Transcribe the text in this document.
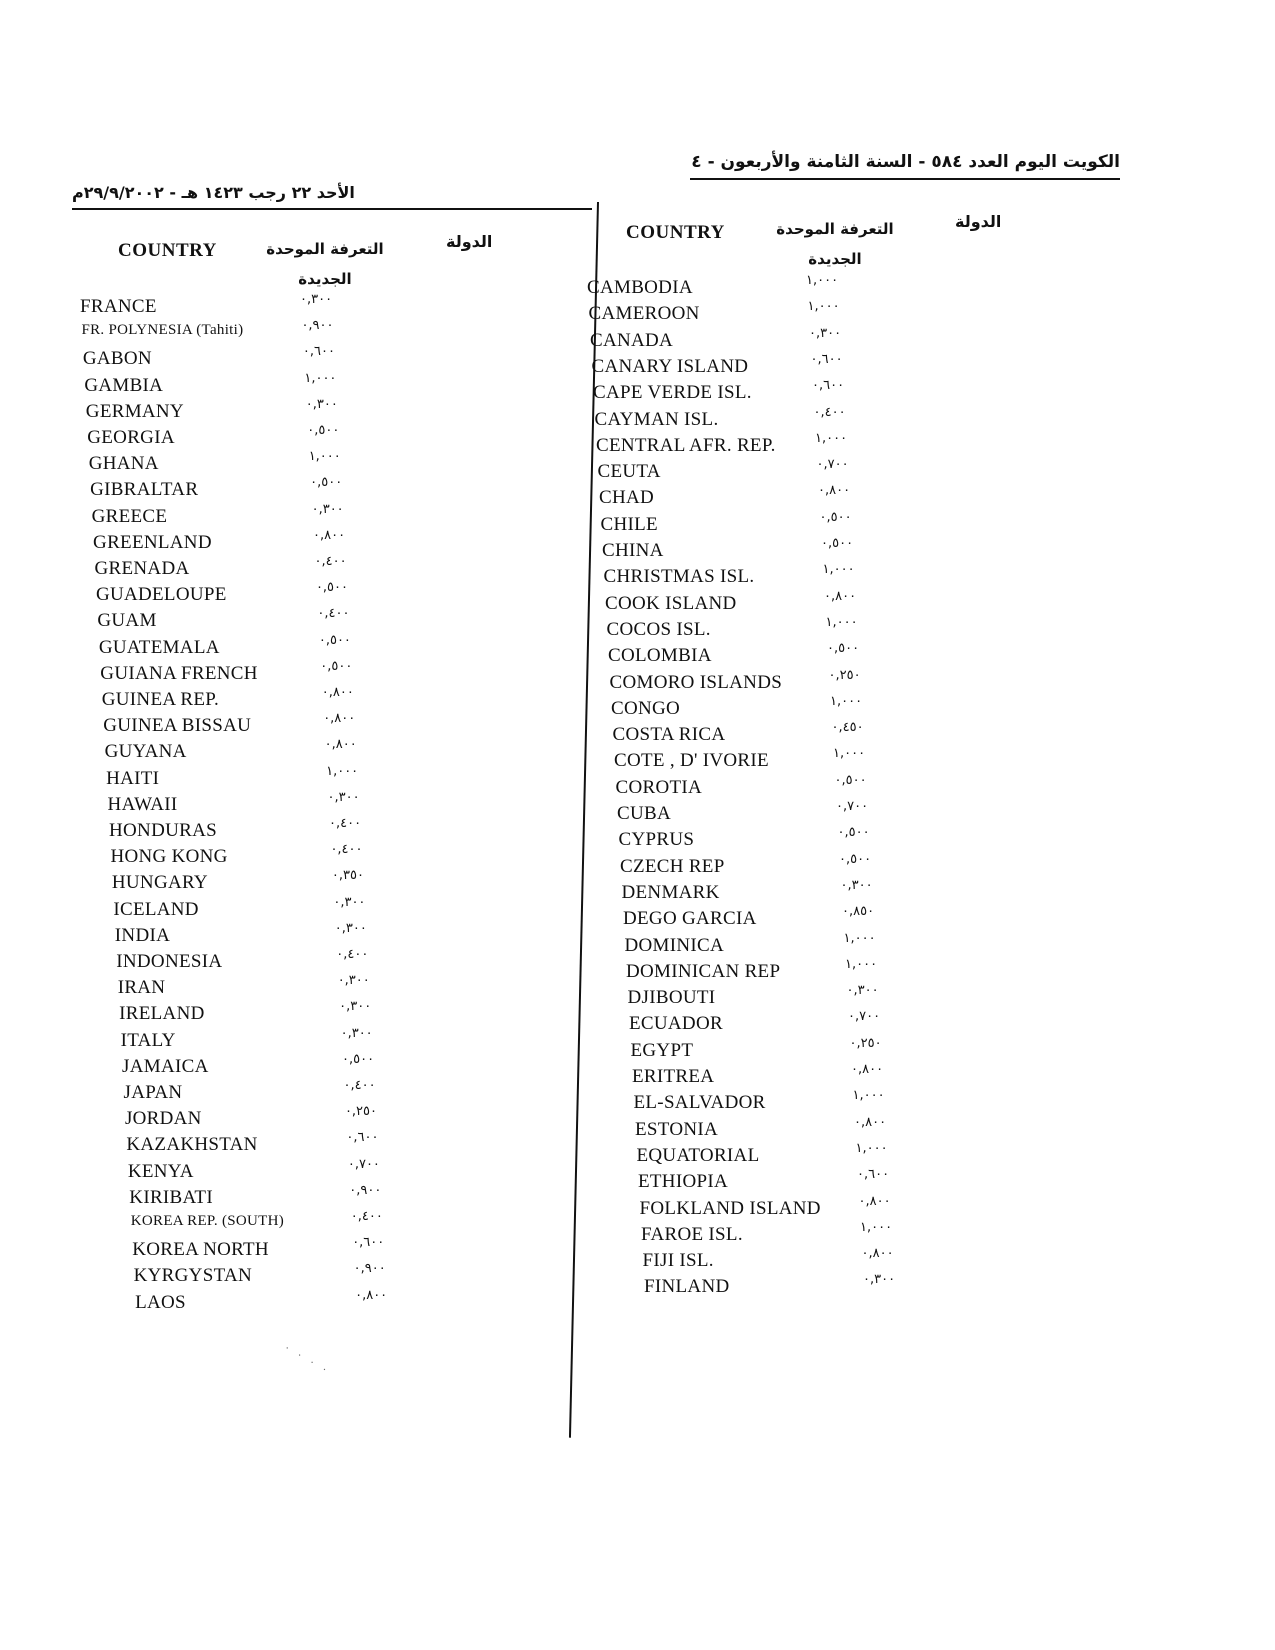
الكويت اليوم العدد ٥٨٤ - السنة الثامنة والأربعون - ٤
الأحد ٢٢ رجب ١٤٢٣ هـ - ٢٩/٩/٢٠٠٢م
COUNTRY	التعرفة الموحدة الجديدة
الدولة	COUNTRY	التعرفة الموحدة الجديدة
الدولة
FRANCE	٠,٣٠٠
FR. POLYNESIA (Tahiti)	٠,٩٠٠
GABON	٠,٦٠٠
GAMBIA	١,٠٠٠
GERMANY	٠,٣٠٠
GEORGIA	٠,٥٠٠
GHANA	١,٠٠٠
GIBRALTAR	٠,٥٠٠
GREECE	٠,٣٠٠
GREENLAND	٠,٨٠٠
GRENADA	٠,٤٠٠
GUADELOUPE	٠,٥٠٠
GUAM	٠,٤٠٠
GUATEMALA	٠,٥٠٠
GUIANA FRENCH	٠,٥٠٠
GUINEA REP.	٠,٨٠٠
GUINEA BISSAU	٠,٨٠٠
GUYANA	٠,٨٠٠
HAITI	١,٠٠٠
HAWAII	٠,٣٠٠
HONDURAS	٠,٤٠٠
HONG KONG	٠,٤٠٠
HUNGARY	٠,٣٥٠
ICELAND	٠,٣٠٠
INDIA	٠,٣٠٠
INDONESIA	٠,٤٠٠
IRAN	٠,٣٠٠
IRELAND	٠,٣٠٠
ITALY	٠,٣٠٠
JAMAICA	٠,٥٠٠
JAPAN	٠,٤٠٠
JORDAN	٠,٢٥٠
KAZAKHSTAN	٠,٦٠٠
KENYA	٠,٧٠٠
KIRIBATI	٠,٩٠٠
KOREA REP. (SOUTH)	٠,٤٠٠
KOREA NORTH	٠,٦٠٠
KYRGYSTAN	٠,٩٠٠
LAOS	٠,٨٠٠
CAMBODIA	١,٠٠٠
CAMEROON	١,٠٠٠
CANADA	٠,٣٠٠
CANARY ISLAND	٠,٦٠٠
CAPE VERDE ISL.	٠,٦٠٠
CAYMAN ISL.	٠,٤٠٠
CENTRAL AFR. REP.	١,٠٠٠
CEUTA	٠,٧٠٠
CHAD	٠,٨٠٠
CHILE	٠,٥٠٠
CHINA	٠,٥٠٠
CHRISTMAS ISL.	١,٠٠٠
COOK ISLAND	٠,٨٠٠
COCOS ISL.	١,٠٠٠
COLOMBIA	٠,٥٠٠
COMORO ISLANDS	٠,٢٥٠
CONGO	١,٠٠٠
COSTA RICA	٠,٤٥٠
COTE , D' IVORIE	١,٠٠٠
COROTIA	٠,٥٠٠
CUBA	٠,٧٠٠
CYPRUS	٠,٥٠٠
CZECH REP	٠,٥٠٠
DENMARK	٠,٣٠٠
DEGO GARCIA	٠,٨٥٠
DOMINICA	١,٠٠٠
DOMINICAN REP	١,٠٠٠
DJIBOUTI	٠,٣٠٠
ECUADOR	٠,٧٠٠
EGYPT	٠,٢٥٠
ERITREA	٠,٨٠٠
EL-SALVADOR	١,٠٠٠
ESTONIA	٠,٨٠٠
EQUATORIAL	١,٠٠٠
ETHIOPIA	٠,٦٠٠
FOLKLAND ISLAND	٠,٨٠٠
FAROE ISL.	١,٠٠٠
FIJI ISL.	٠,٨٠٠
FINLAND	٠,٣٠٠
· · · ·
